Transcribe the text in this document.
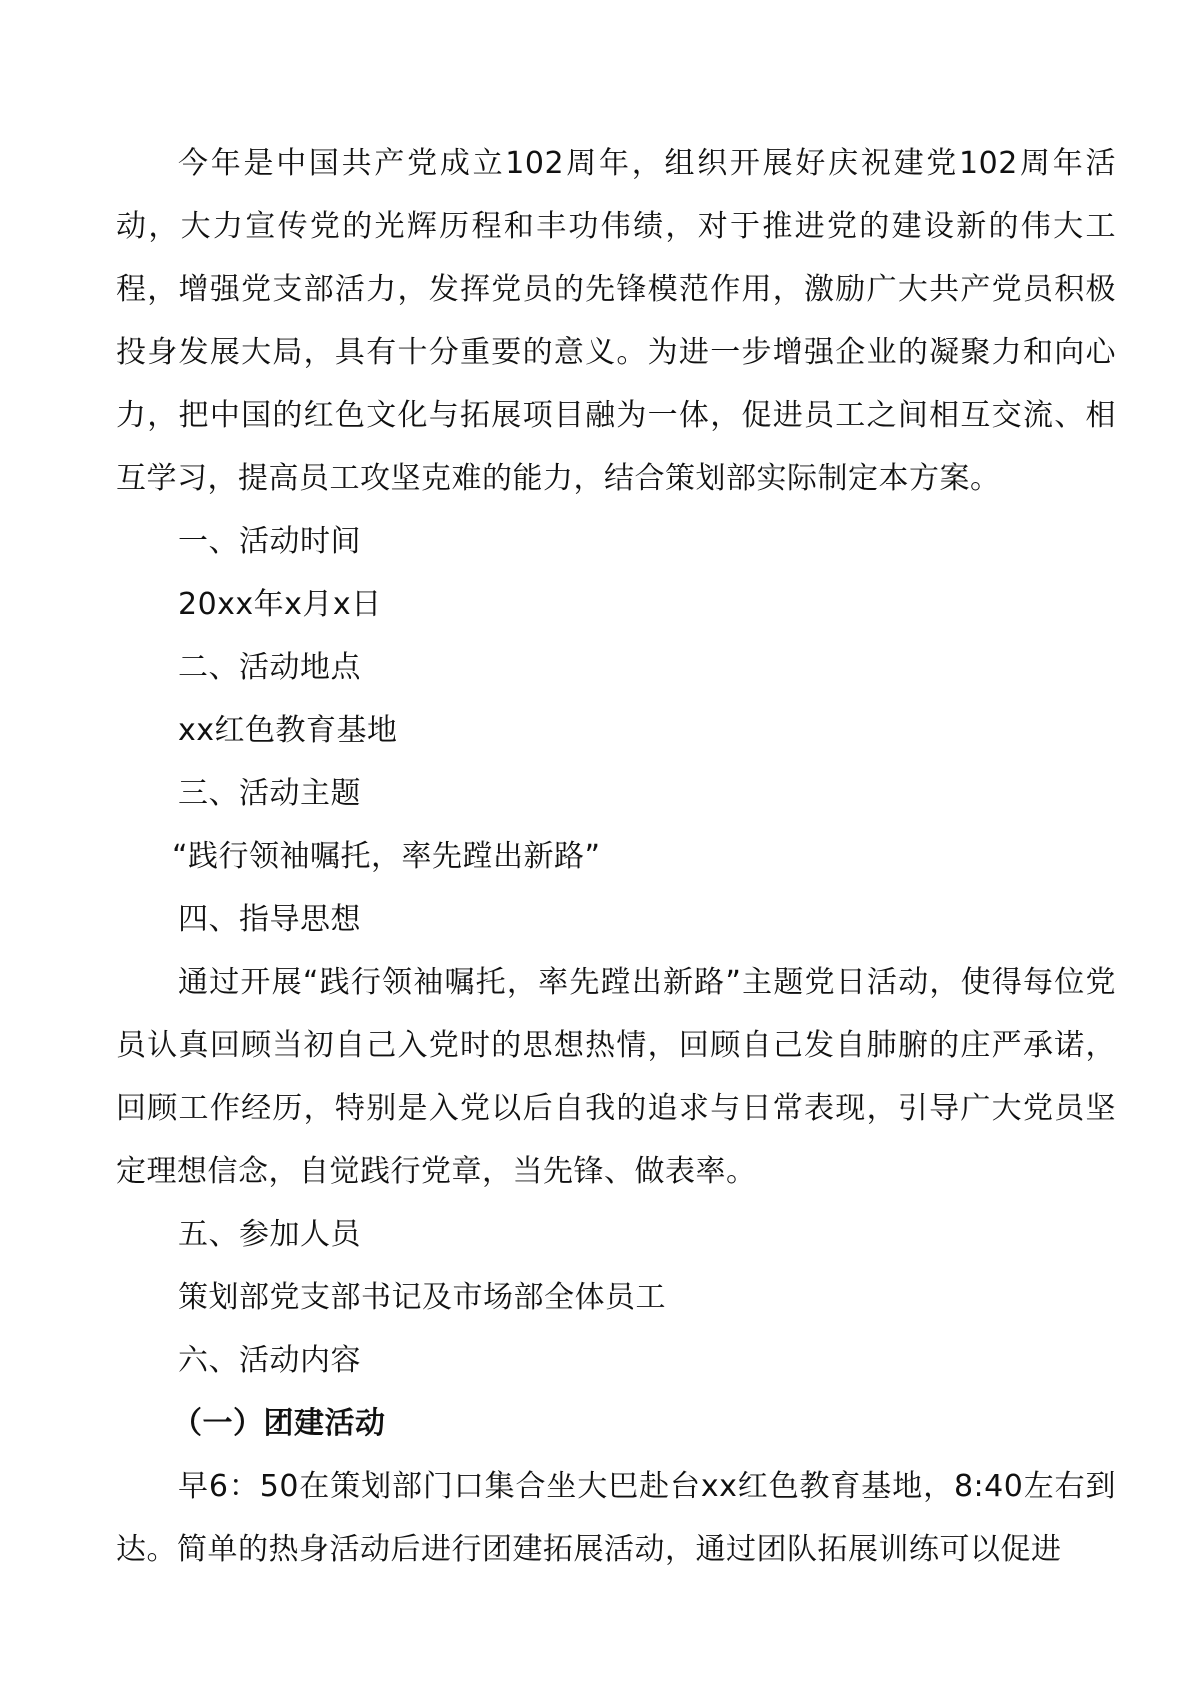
今年是中国共产党成立102周年，组织开展好庆祝建党102周年活动，大力宣传党的光辉历程和丰功伟绩，对于推进党的建设新的伟大工程，增强党支部活力，发挥党员的先锋模范作用，激励广大共产党员积极投身发展大局，具有十分重要的意义。为进一步增强企业的凝聚力和向心力，把中国的红色文化与拓展项目融为一体，促进员工之间相互交流、相互学习，提高员工攻坚克难的能力，结合策划部实际制定本方案。

一、活动时间

20xx年x月x日

二、活动地点

xx红色教育基地

三、活动主题

“践行领袖嘱托，率先蹚出新路”

四、指导思想

通过开展“践行领袖嘱托，率先蹚出新路”主题党日活动，使得每位党员认真回顾当初自己入党时的思想热情，回顾自己发自肺腑的庄严承诺，回顾工作经历，特别是入党以后自我的追求与日常表现，引导广大党员坚定理想信念，自觉践行党章，当先锋、做表率。

五、参加人员

策划部党支部书记及市场部全体员工

六、活动内容

（一）团建活动

早6：50在策划部门口集合坐大巴赴台xx红色教育基地，8:40左右到达。简单的热身活动后进行团建拓展活动，通过团队拓展训练可以促进
